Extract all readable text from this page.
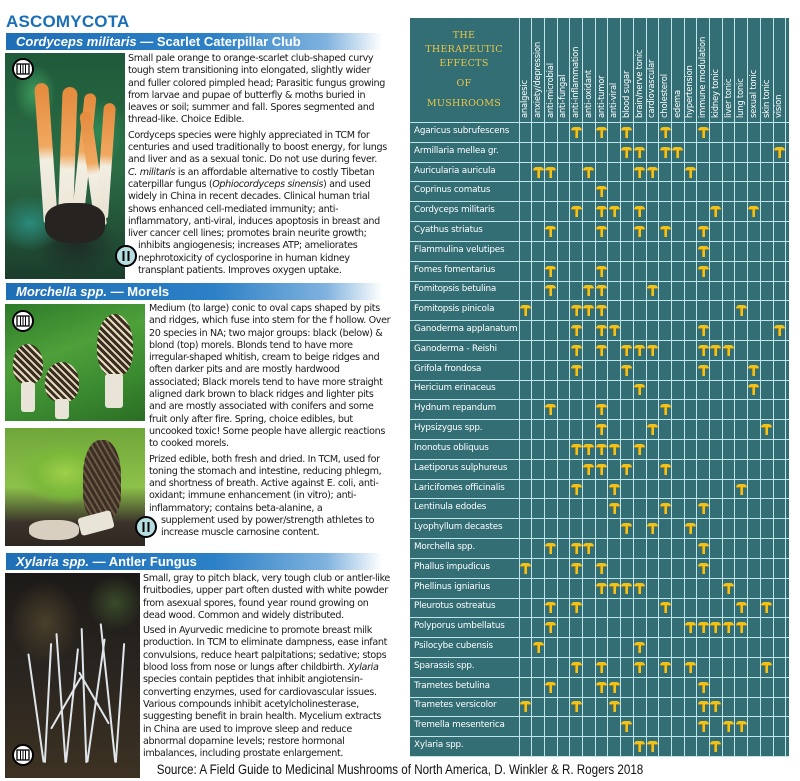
ASCOMYCOTA
Cordyceps militaris — Scarlet Caterpillar Club

Small pale orange to orange-scarlet club-shaped curvy tough stem transitioning into elongated, slightly wider and fuller colored pimpled head; Parasitic fungus growing from larvae and pupae of butterfly & moths buried in leaves or soil; summer and fall. Spores segmented and thread-like. Choice Edible.

Cordyceps species were highly appreciated in TCM for centuries and used traditionally to boost energy, for lungs and liver and as a sexual tonic. Do not use during fever. C. militaris is an affordable alternative to costly Tibetan caterpillar fungus (Ophiocordyceps sinensis) and used widely in China in recent decades. Clinical human trial shows enhanced cell-mediated immunity; anti-inflammatory, anti-viral, induces apoptosis in breast and liver cancer cell lines; promotes brain neurite growth;

inhibits angiogenesis; increases ATP; ameliorates nephrotoxicity of cyclosporine in human kidney transplant patients. Improves oxygen uptake.

Morchella spp. — Morels

Medium (to large) conic to oval caps shaped by pits and ridges, which fuse into stem for the f hollow. Over 20 species in NA; two major groups: black (below) & blond (top) morels. Blonds tend to have more irregular-shaped whitish, cream to beige ridges and often darker pits and are mostly hardwood associated; Black morels tend to have more straight aligned dark brown to black ridges and lighter pits and are mostly associated with conifers and some fruit only after fire. Spring, choice edibles, but uncooked toxic! Some people have allergic reactions to cooked morels.

Prized edible, both fresh and dried. In TCM, used for toning the stomach and intestine, reducing phlegm, and shortness of breath. Active against E. coli, anti-oxidant; immune enhancement (in vitro); anti-inflammatory; contains beta-alanine, a

supplement used by power/strength athletes to increase muscle carnosine content.

Xylaria spp. — Antler Fungus

Small, gray to pitch black, very tough club or antler-like fruitbodies, upper part often dusted with white powder from asexual spores, found year round growing on dead wood. Common and widely distributed.

Used in Ayurvedic medicine to promote breast milk production. In TCM to eliminate dampness, ease infant convulsions, reduce heart palpitations; sedative; stops blood loss from nose or lungs after childbirth. Xylaria species contain peptides that inhibit angiotensin-converting enzymes, used for cardiovascular issues. Various compounds inhibit acetylcholinesterase, suggesting benefit in brain health. Mycelium extracts in China are used to improve sleep and reduce abnormal dopamine levels; restore hormonal imbalances, including prostate enlargement.

THE
THERAPEUTIC
EFFECTS
OF
MUSHROOMS analgesic anxiety/depression anti-microbial anti-fungal anti-inflammation anti-oxidant anti-tumor anti-viral blood sugar brain/nerve tonic cardiovascular cholesterol edema hypertension immune modulation kidney tonic liver tonic lung tonic sexual tonic skin tonic vision
Agaricus subrufescens
Armillaria mellea gr.
Auricularia auricula
Coprinus comatus
Cordyceps militaris
Cyathus striatus
Flammulina velutipes
Fomes fomentarius
Fomitopsis betulina
Fomitopsis pinicola
Ganoderma applanatum
Ganoderma - Reishi
Grifola frondosa
Hericium erinaceus
Hydnum repandum
Hypsizygus spp.
Inonotus obliquus
Laetiporus sulphureus
Laricifomes officinalis
Lentinula edodes
Lyophyllum decastes
Morchella spp.
Phallus impudicus
Phellinus igniarius
Pleurotus ostreatus
Polyporus umbellatus
Psilocybe cubensis
Sparassis spp.
Trametes betulina
Trametes versicolor
Tremella mesenterica
Xylaria spp.
Source: A Field Guide to Medicinal Mushrooms of North America, D. Winkler & R. Rogers 2018
